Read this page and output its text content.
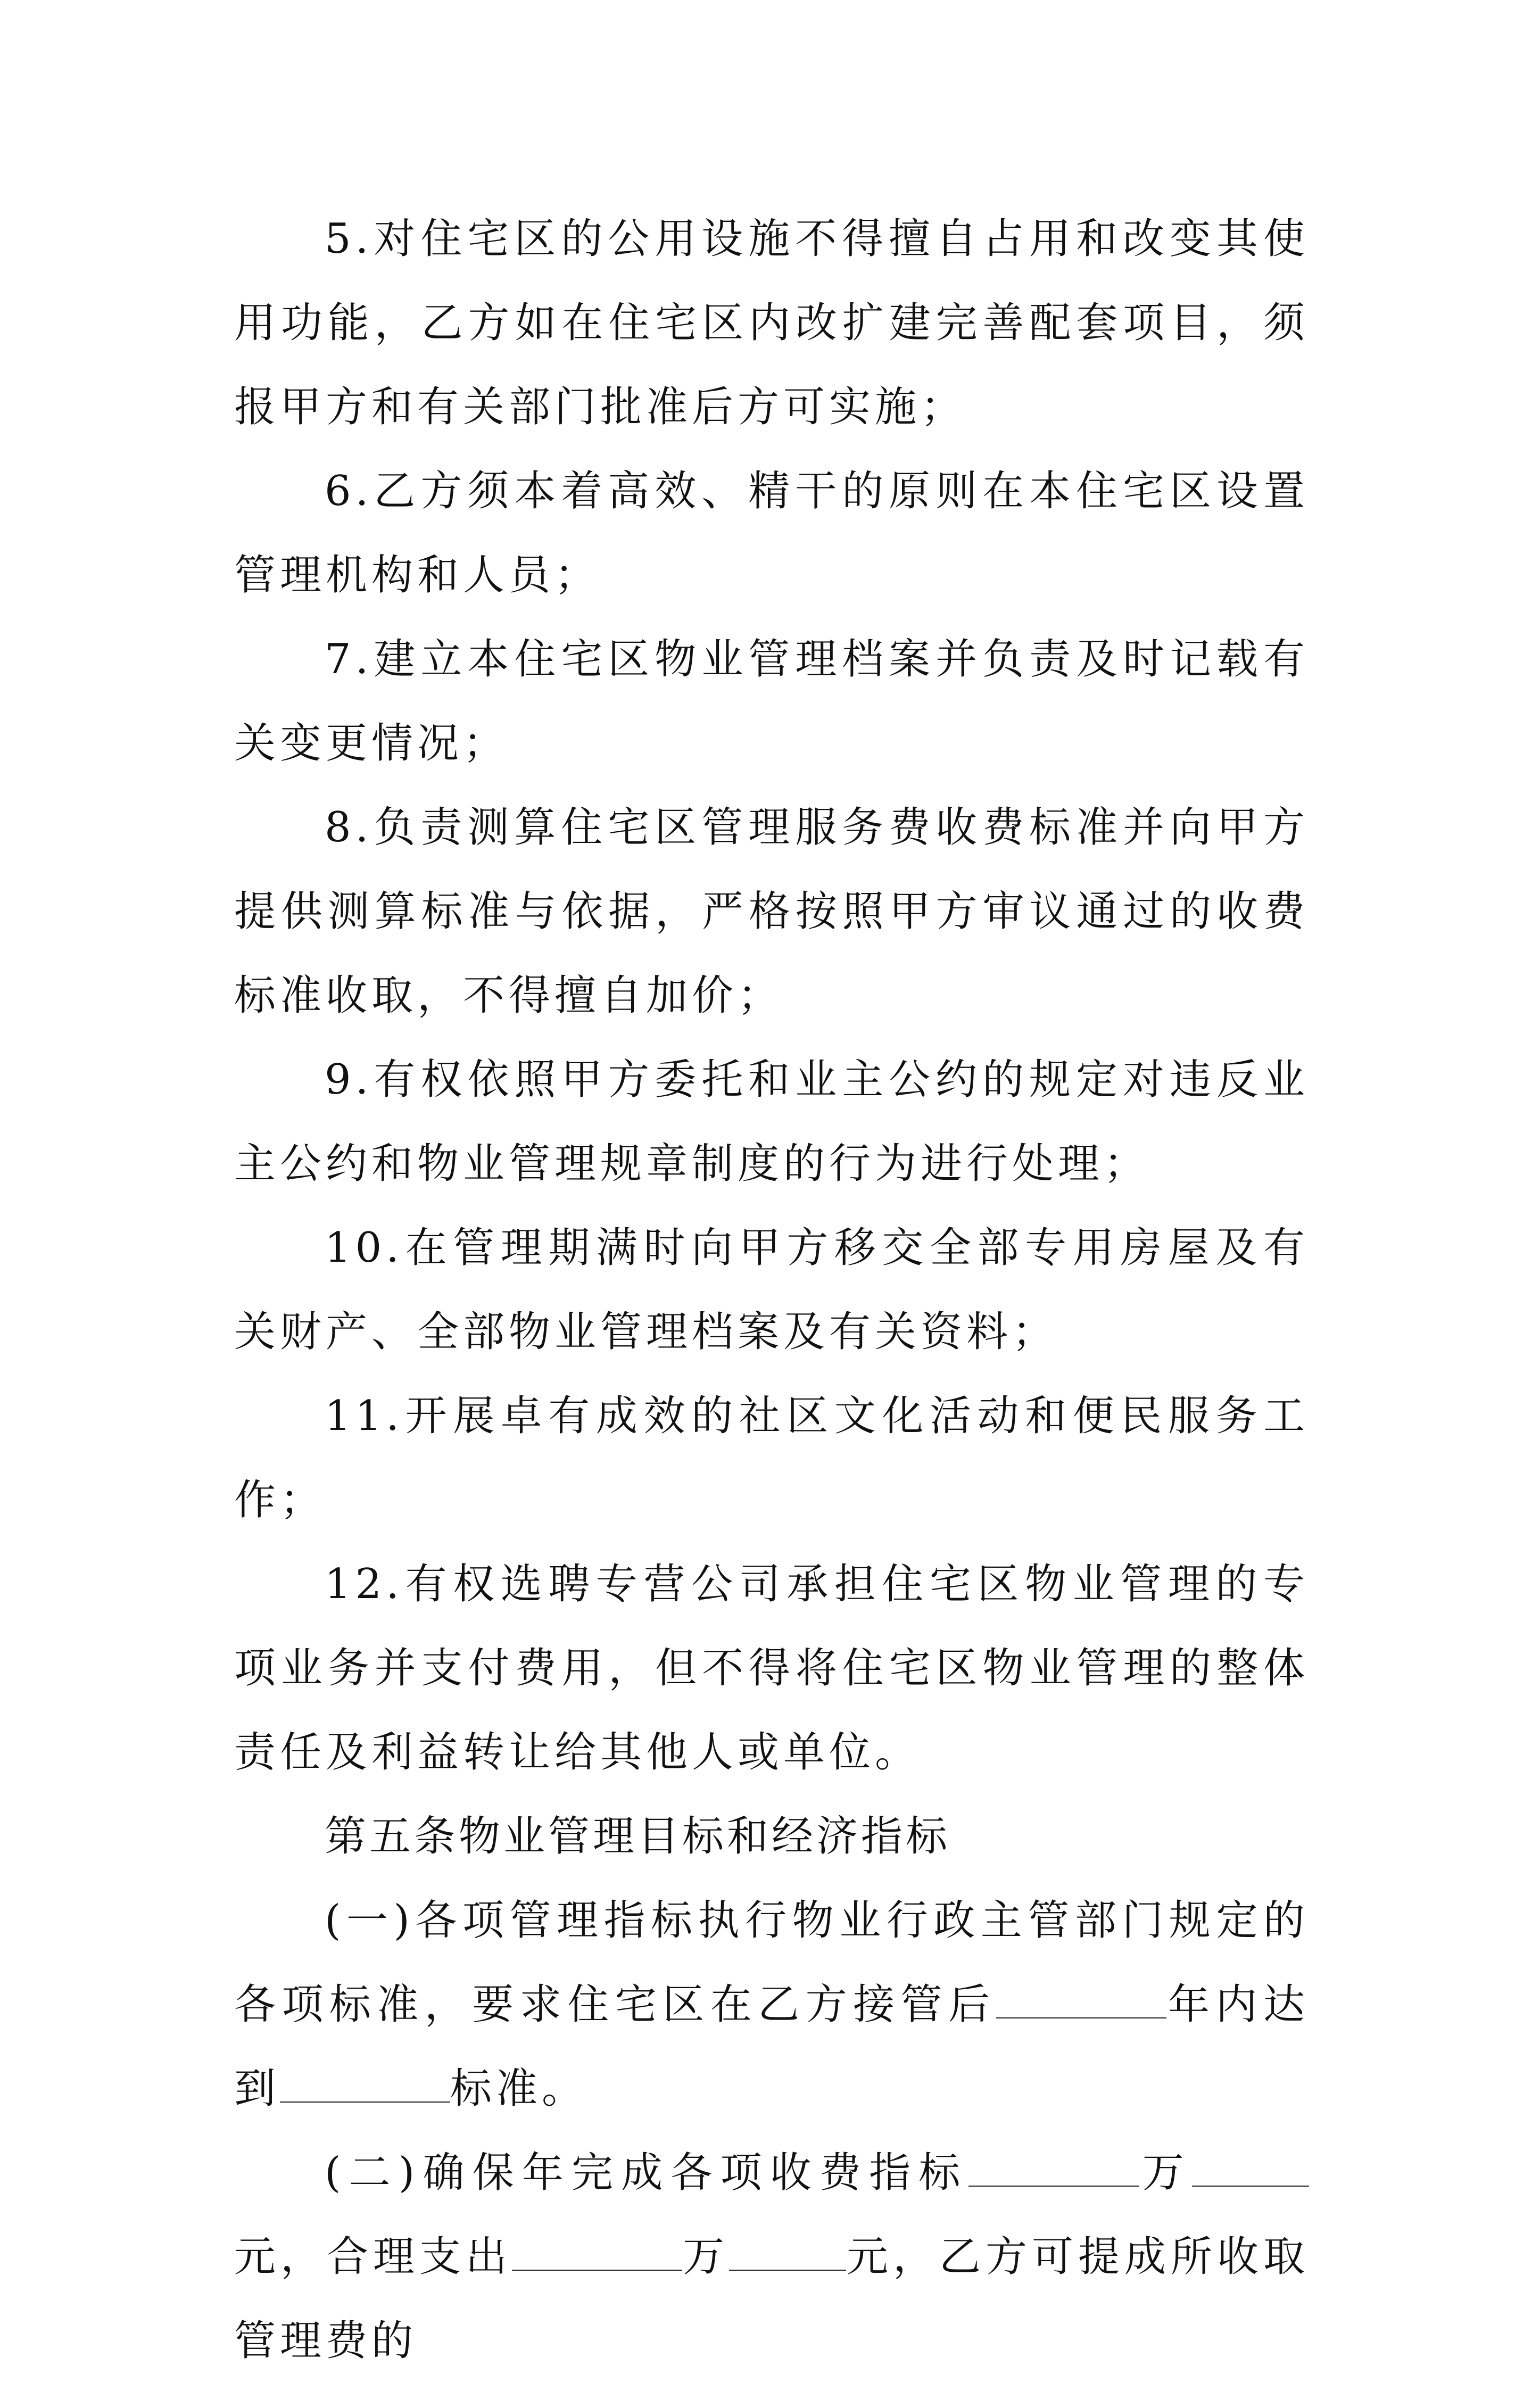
5.对住宅区的公用设施不得擅自占用和改变其使用功能，乙方如在住宅区内改扩建完善配套项目，须报甲方和有关部门批准后方可实施；

6.乙方须本着高效、精干的原则在本住宅区设置管理机构和人员；

7.建立本住宅区物业管理档案并负责及时记载有关变更情况；

8.负责测算住宅区管理服务费收费标准并向甲方提供测算标准与依据，严格按照甲方审议通过的收费标准收取，不得擅自加价；

9.有权依照甲方委托和业主公约的规定对违反业主公约和物业管理规章制度的行为进行处理；

10.在管理期满时向甲方移交全部专用房屋及有关财产、全部物业管理档案及有关资料；

11.开展卓有成效的社区文化活动和便民服务工作；

12.有权选聘专营公司承担住宅区物业管理的专项业务并支付费用，但不得将住宅区物业管理的整体责任及利益转让给其他人或单位。

第五条物业管理目标和经济指标

(一)各项管理指标执行物业行政主管部门规定的各项标准，要求住宅区在乙方接管后	年内达到	标准。

(二)确保年完成各项收费指标	万元，合理支出	万	元，乙方可提成所收取管理费的
